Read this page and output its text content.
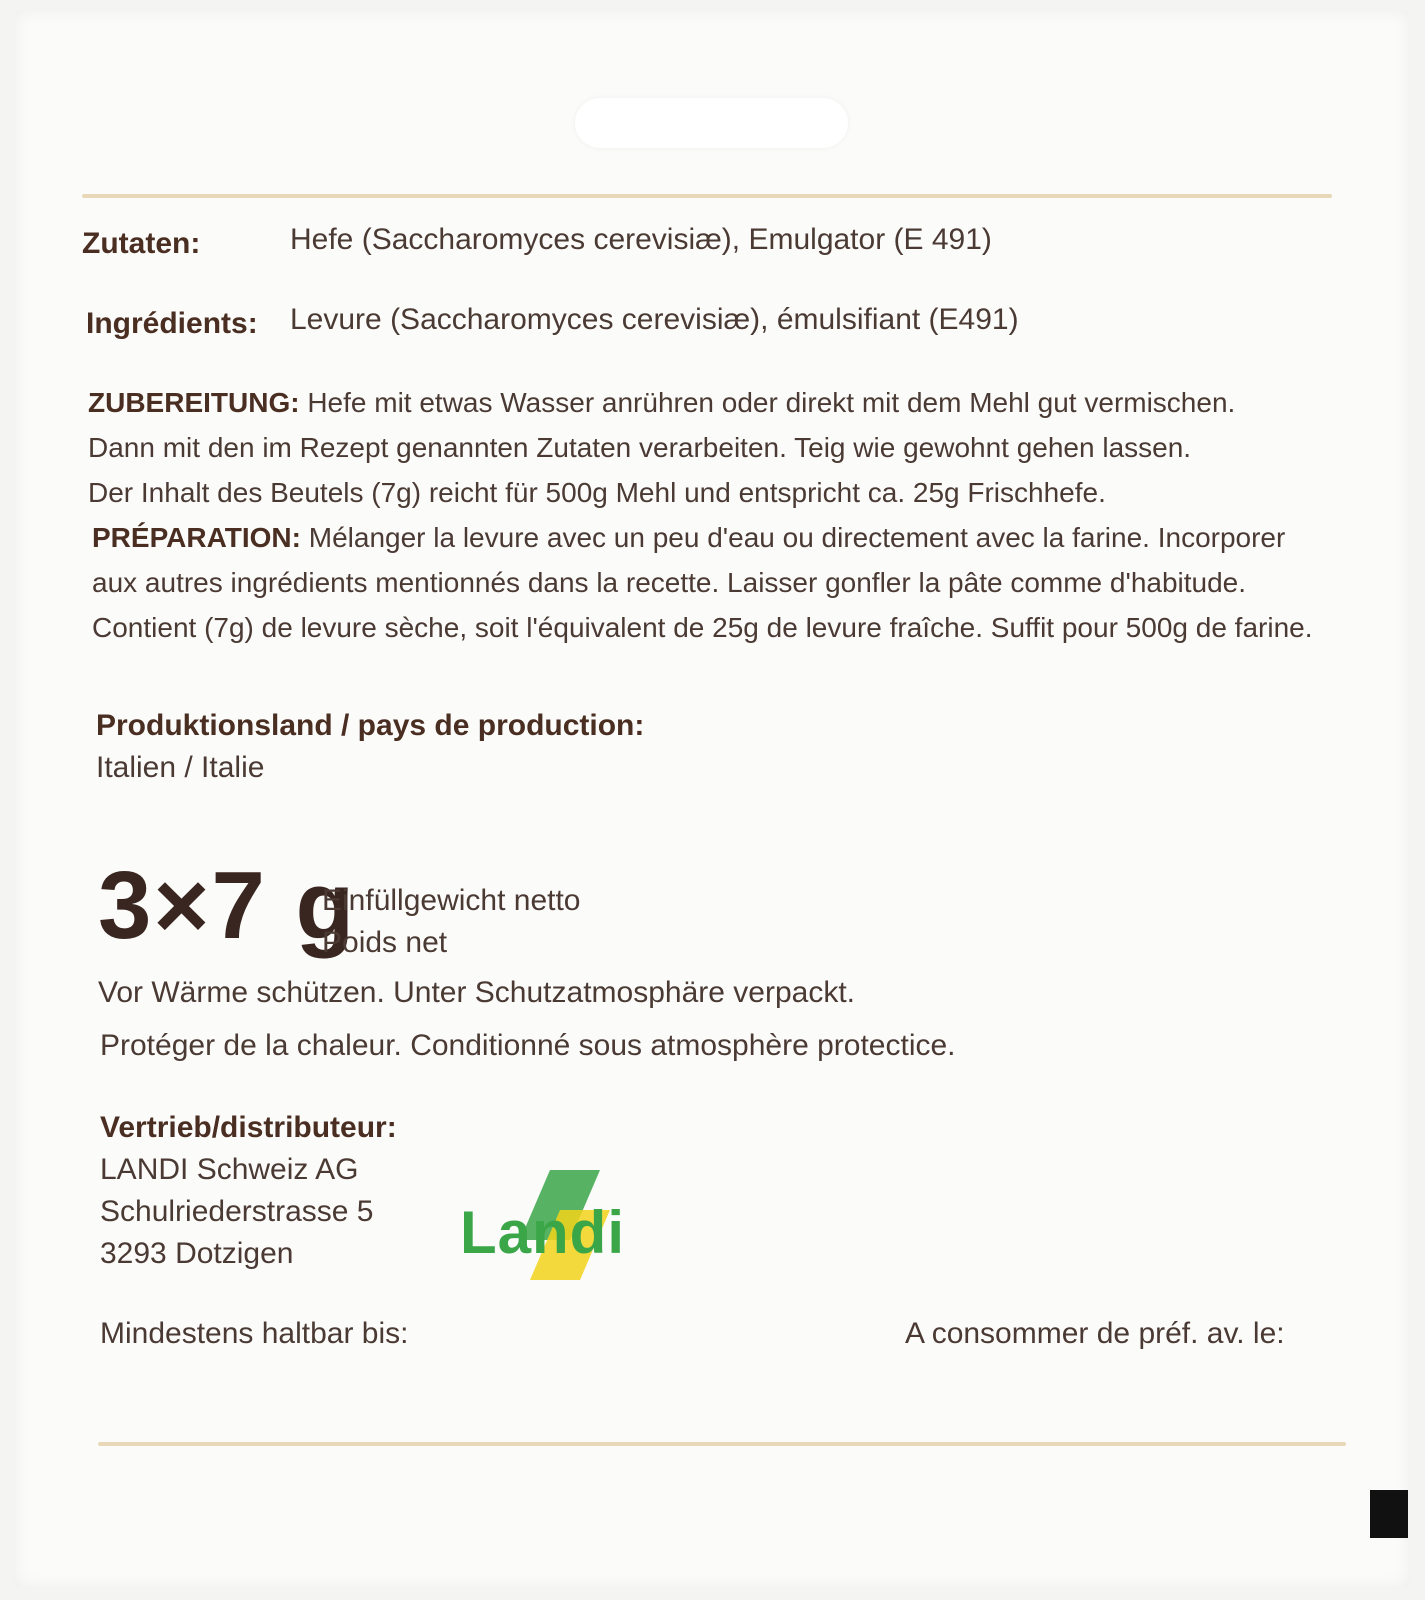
Zutaten:	Hefe (Saccharomyces cerevisiæ), Emulgator (E 491)
Ingrédients: Levure (Saccharomyces cerevisiæ), émulsifiant (E491)
ZUBEREITUNG: Hefe mit etwas Wasser anrühren oder direkt mit dem Mehl gut vermischen.
Dann mit den im Rezept genannten Zutaten verarbeiten. Teig wie gewohnt gehen lassen.
Der Inhalt des Beutels (7g) reicht für 500g Mehl und entspricht ca. 25g Frischhefe.
PRÉPARATION: Mélanger la levure avec un peu d'eau ou directement avec la farine. Incorporer
aux autres ingrédients mentionnés dans la recette. Laisser gonfler la pâte comme d'habitude.
Contient (7g) de levure sèche, soit l'équivalent de 25g de levure fraîche. Suffit pour 500g de farine.
Produktionsland / pays de production:
Italien / Italie
3×7 g
Einfüllgewicht netto
Poids net
Vor Wärme schützen. Unter Schutzatmosphäre verpackt.
Protéger de la chaleur. Conditionné sous atmosphère protectice.
Vertrieb/distributeur:
LANDI Schweiz AG
Schulriederstrasse 5
3293 Dotzigen	Landi
Mindestens haltbar bis:	A consommer de préf. av. le:
